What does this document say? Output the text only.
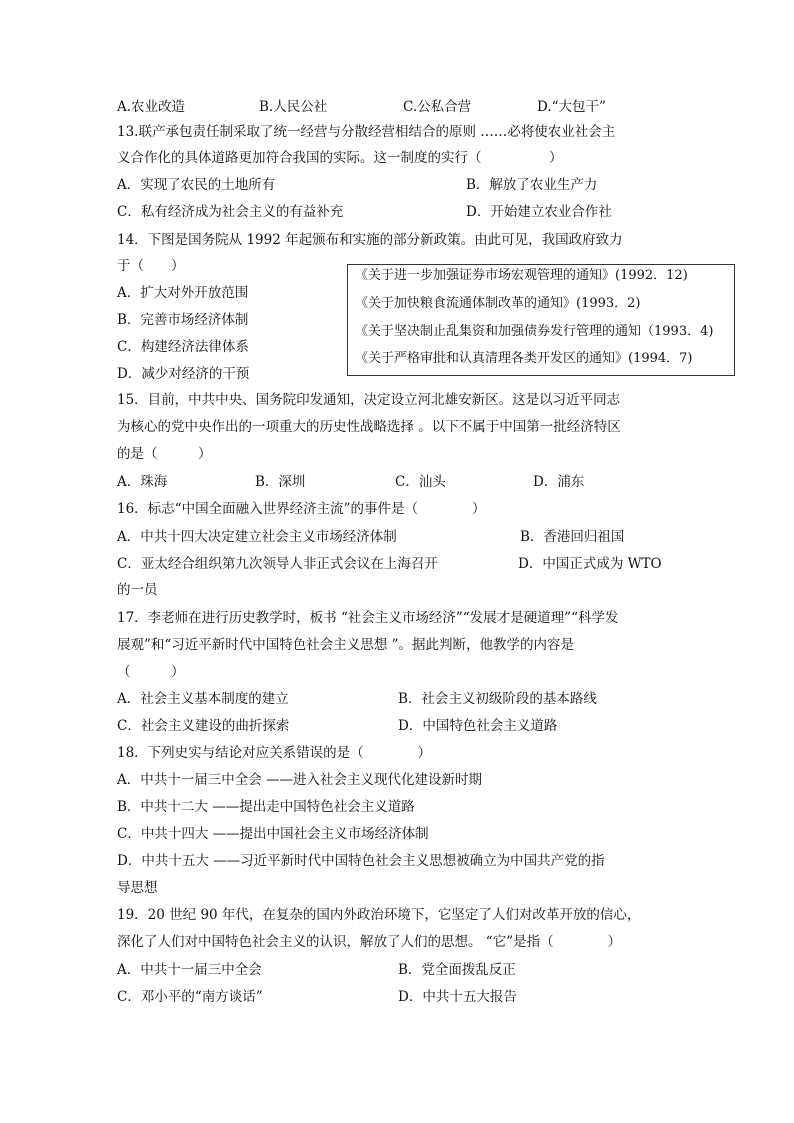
A.农业改造	B.人民公社	C.公私合营	D.“大包干”
13.联产承包责任制采取了统一经营与分散经营相结合的原则 ……必将使农业社会主
义合作化的具体道路更加符合我国的实际。这一制度的实行（　　　　　）
A．实现了农民的土地所有	B．解放了农业生产力
C．私有经济成为社会主义的有益补充	D．开始建立农业合作社
14．下图是国务院从 1992 年起颁布和实施的部分新政策。由此可见，我国政府致力
于（　　）
A．扩大对外开放范围
B．完善市场经济体制
C．构建经济法律体系
D．减少对经济的干预
《关于进一步加强证券市场宏观管理的通知》(1992．12)
《关于加快粮食流通体制改革的通知》(1993．2)
《关于坚决制止乱集资和加强债券发行管理的通知（1993．4)
《关于严格审批和认真清理各类开发区的通知》(1994．7)
15．目前，中共中央、国务院印发通知，决定设立河北雄安新区。这是以习近平同志
为核心的党中央作出的一项重大的历史性战略选择 。以下不属于中国第一批经济特区
的是（　　　）
A．珠海	B．深圳	C．汕头	D．浦东
16．标志“中国全面融入世界经济主流”的事件是（　　　　）
A．中共十四大决定建立社会主义市场经济体制	B．香港回归祖国
C．亚太经合组织第九次领导人非正式会议在上海召开	D．中国正式成为 WTO
的一员
17．李老师在进行历史教学时，板书 “社会主义市场经济”“发展才是硬道理”“科学发
展观”和“习近平新时代中国特色社会主义思想 ”。据此判断，他教学的内容是
（　　　）
A．社会主义基本制度的建立	B．社会主义初级阶段的基本路线
C．社会主义建设的曲折探索	D．中国特色社会主义道路
18．下列史实与结论对应关系错误的是（　　　　）
A．中共十一届三中全会 ——进入社会主义现代化建设新时期
B．中共十二大 ——提出走中国特色社会主义道路
C．中共十四大 ——提出中国社会主义市场经济体制
D．中共十五大 ——习近平新时代中国特色社会主义思想被确立为中国共产党的指
导思想
19．20 世纪 90 年代，在复杂的国内外政治环境下，它坚定了人们对改革开放的信心，
深化了人们对中国特色社会主义的认识，解放了人们的思想。 “它”是指（　　　　）
A．中共十一届三中全会	B．党全面拨乱反正
C．邓小平的“南方谈话”	D．中共十五大报告
